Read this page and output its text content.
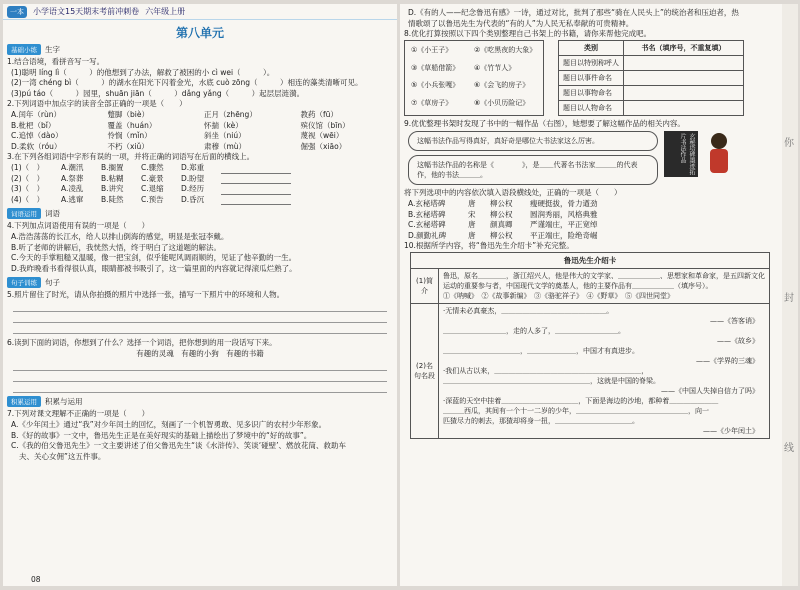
一本	小学语文15天期末考前冲刺卷 六年级上册
第八单元
基础小练	生字
1.结合语境，看拼音写一写。
(1)聪明 líng lì（　　　）的他想到了办法，解救了被困的小 cì wei（　　　）。
(2)一湾 chéng bì（　　　）的湖水在阳光下闪着金光，水底 cuò zōng（　　　）相连的藻类清晰可见。
(3)pú táo（　　　）园里，shuān jiān（　　　）dǎng yǎng（　　　）起层层涟漪。
2.下列词语中加点字的读音全部正确的一项是（　　）
A.闰年（rùn）	蹩脚（biè）	正月（zhēng）	教药（fū）
B.枇杷（bǐ）	覆盖（huán）	怀揣（kè）	殡仪馆（bīn）
C.追悼（dào）	怜悯（mǐn）	斜坐（niú）	蔑视（wēi）
D.柔软（róu）	不朽（xiǔ）	肃穆（mù）	倔强（xiāo）
3.在下列各组词语中字形有误的一项，并将正确的词语写在后面的横线上。
(1)（　）	A.潮汛	B.搁置	C.骤然	D.郑重
(2)（　）	A.祭葬	B.粘糊	C.豪景	D.盼望
(3)（　）	A.凌乱	B.讲究	C.退缩	D.经历
(4)（　）	A.逃窜	B.陡然	C.预告	D.昏沉
词语运用	词语
4.下列加点词语使用有误的一项是（　　）
A.浩浩荡荡的长江水，给人以排山倒海的感觉，明显是张冠李戴。
B.听了老师的讲解后，我恍然大悟，终于明白了这道题的解法。
C.今天的手掌粗糙又温暖，像一把宝剑，似乎能呢风调雨顺的，见证了他辛勤的一生。
D.我昨晚看书看得很认真，眼睛都被书吸引了，这一篇里面的内容就记得滚瓜烂熟了。
句子训练	句子
5.照片留住了时光，请从你拍摄的照片中选择一张，描写一下照片中的环境和人物。
6.读到下面的词语，你想到了什么？选择一个词语，把你想到的用一段话写下来。
有趣的灵魂　有趣的小狗　有趣的书籍
积累运用	积累与运用
7.下列对课文理解不正确的一项是（　　）
A.《少年闰土》通过“我”对少年闰土的回忆，刻画了一个机智勇敢、见多识广的农村少年形象。
B.《好的故事》一文中，鲁迅先生正是在美好现实的基础上描绘出了梦境中的“好的故事”。
C.《我的伯父鲁迅先生》一文主要讲述了伯父鲁迅先生“谈《水浒传》、笑谈‘碰壁’、燃放花筒、救助车
夫、关心女佣”这五件事。
08
D.《有的人——纪念鲁迅有感》一诗，通过对比，批判了那些“骑在人民头上”的统治者和压迫者，热
情歌颂了以鲁迅先生为代表的“有的人”为人民无私奉献的可贵精神。
8.优化打算按照以下四个类别整理自己书架上的书籍，请你来帮他完成吧。
①《小王子》	②《吃黑夜的大象》
③《草船借箭》	④《竹节人》
⑤《小兵张嘎》	⑥《会飞的房子》
⑦《草房子》	⑧《小贝历险记》
类别	书名（填序号，不重复填）
题目以特别称呼人	
题目以事件命名	
题目以事物命名	
题目以人物命名	
9.优优整理书架时发现了书中的一幅作品（右图），她想要了解这幅作品的相关内容。
这幅书法作品写得真好，真好奇是哪位大书法家这么厉害。
这幅书法作品的名称是《　　　　》，是＿＿代著名书法家＿＿＿的代表作，他的书法＿＿＿。	玄秘塔碑墨迹拓片书法作品
将下列选项中的内容依次填入语段横线处，正确的一项是（　　）
A.玄秘塔碑	唐	柳公权	瘦硬挺拔，骨力遒劲
B.玄秘塔碑	宋	柳公权	圆润秀丽，风格典雅
C.玄秘塔碑	唐	颜真卿	严谨端庄，平正宽绰
D.颜勤礼碑	唐	柳公权	平正端庄，险绝奇崛
10.根据所学内容，将“鲁迅先生介绍卡”补充完整。
鲁迅先生介绍卡
(1)简介
鲁迅，原名＿＿＿＿，浙江绍兴人，他是伟大的文学家、＿＿＿＿＿＿、思想家和革命家，是五四新文化运动的重要参与者，中国现代文学的奠基人，他的主要作品有＿＿＿＿＿＿（填序号）。
①《呐喊》　②《故事新编》　③《骆驼祥子》　④《野草》　⑤《四世同堂》
(2)名句名段
·无情未必真豪杰，＿＿＿＿＿＿＿＿＿＿＿＿＿＿＿。
——《答客诮》
＿＿＿＿＿＿＿＿＿，走的人多了，＿＿＿＿＿＿＿＿＿。
——《故乡》
＿＿＿＿＿＿＿＿＿＿＿，＿＿＿＿＿＿＿，中国才有真进步。
——《学界的三魂》
·我们从古以来，＿＿＿＿＿＿＿＿＿＿＿＿＿＿＿＿＿＿＿＿＿，
＿＿＿＿＿＿＿＿＿＿＿＿＿＿＿＿＿＿＿＿＿，这就是中国的脊梁。
——《中国人失掉自信力了吗》
·深蓝的天空中挂着＿＿＿＿＿＿＿＿＿＿＿，下面是海边的沙地，都种着＿＿＿＿＿＿＿
＿＿＿西瓜，其间有一个十一二岁的少年，＿＿＿＿＿＿＿＿＿＿＿＿＿＿＿＿，向一
匹猹尽力的刺去，那猹却将身一扭，＿＿＿＿＿＿＿＿＿＿＿。
——《少年闰土》
你
封
线
